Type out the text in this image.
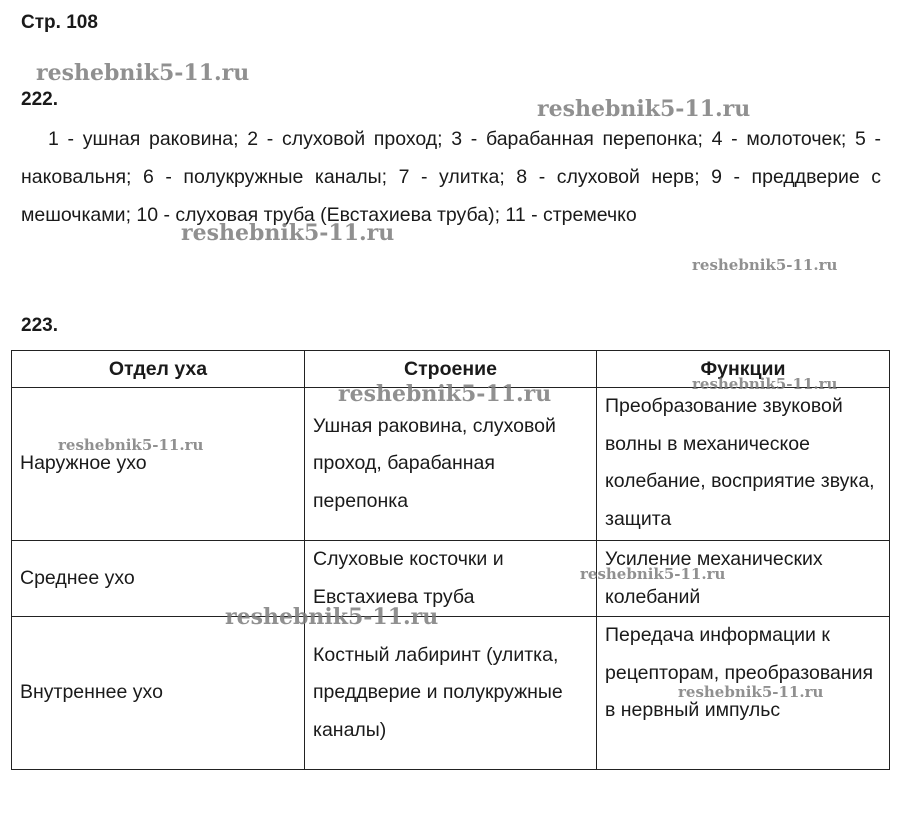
Стр. 108
222.

1 - ушная раковина; 2 - слуховой проход; 3 - барабанная перепонка; 4 - молоточек; 5 - наковальня; 6 - полукружные каналы; 7 - улитка; 8 - слуховой нерв; 9 - преддверие с мешочками; 10 - слуховая труба (Евстахиева труба); 11 - стремечко

223.
Отдел уха	Строение	Функции
Наружное ухо	Ушная раковина, слуховой проход, барабанная перепонка	Преобразование звуковой волны в механическое колебание, восприятие звука, защита
Среднее ухо	Слуховые косточки и Евстахиева труба	Усиление механических колебаний
Внутреннее ухо	Костный лабиринт (улитка, преддверие и полукружные каналы)	Передача информации к рецепторам, преобразования в нервный импульс
reshebnik5-11.ru
reshebnik5-11.ru
reshebnik5-11.ru
reshebnik5-11.ru
reshebnik5-11.ru	reshebnik5-11.ru
reshebnik5-11.ru
reshebnik5-11.ru
reshebnik5-11.ru
reshebnik5-11.ru
